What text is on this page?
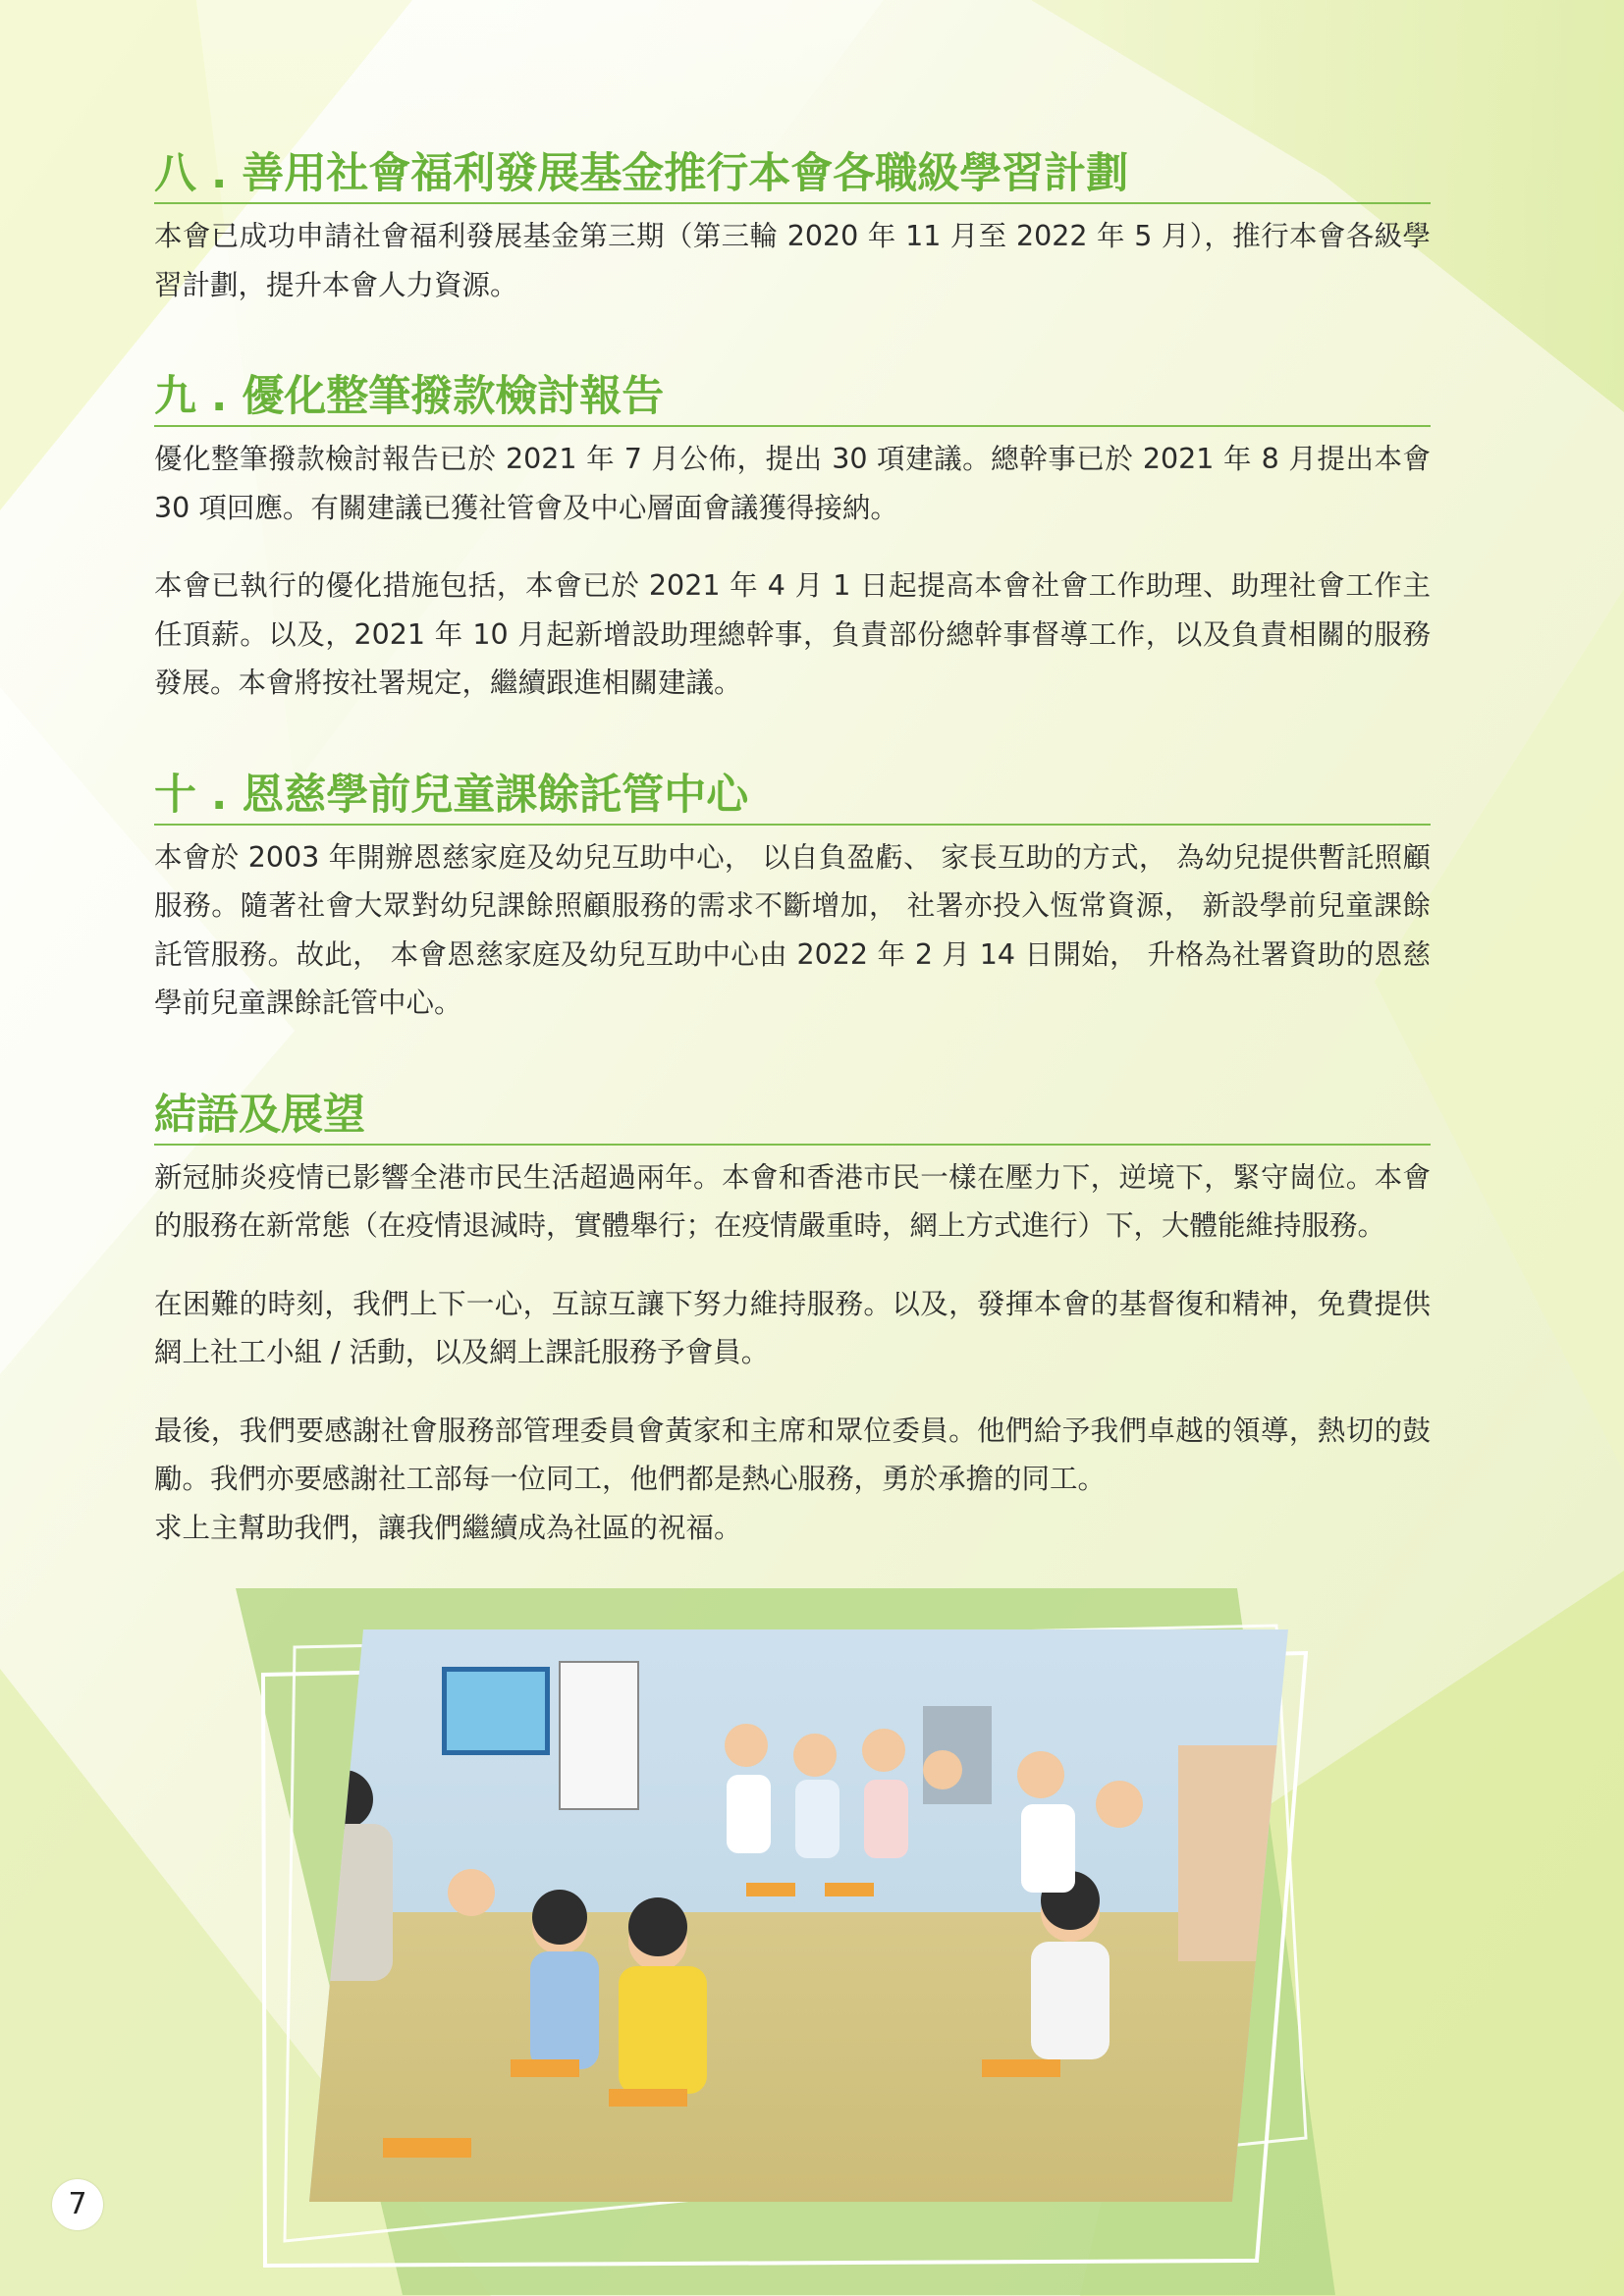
八 . 善用社會福利發展基金推行本會各職級學習計劃

本會已成功申請社會福利發展基金第三期（第三輪 2020 年 11 月至 2022 年 5 月），推行本會各級學習計劃，提升本會人力資源。

九 . 優化整筆撥款檢討報告

優化整筆撥款檢討報告已於 2021 年 7 月公佈，提出 30 項建議。總幹事已於 2021 年 8 月提出本會 30 項回應。有關建議已獲社管會及中心層面會議獲得接納。

本會已執行的優化措施包括，本會已於 2021 年 4 月 1 日起提高本會社會工作助理、助理社會工作主任頂薪。以及，2021 年 10 月起新增設助理總幹事，負責部份總幹事督導工作，以及負責相關的服務發展。本會將按社署規定，繼續跟進相關建議。

十 . 恩慈學前兒童課餘託管中心

本會於 2003 年開辦恩慈家庭及幼兒互助中心， 以自負盈虧、 家長互助的方式， 為幼兒提供暫託照顧服務。隨著社會大眾對幼兒課餘照顧服務的需求不斷增加， 社署亦投入恆常資源， 新設學前兒童課餘託管服務。故此， 本會恩慈家庭及幼兒互助中心由 2022 年 2 月 14 日開始， 升格為社署資助的恩慈學前兒童課餘託管中心。

結語及展望

新冠肺炎疫情已影響全港市民生活超過兩年。本會和香港市民一樣在壓力下，逆境下，緊守崗位。本會的服務在新常態（在疫情退減時，實體舉行；在疫情嚴重時，網上方式進行）下，大體能維持服務。

在困難的時刻，我們上下一心，互諒互讓下努力維持服務。以及，發揮本會的基督復和精神，免費提供網上社工小組 / 活動，以及網上課託服務予會員。

最後，我們要感謝社會服務部管理委員會黃家和主席和眾位委員。他們給予我們卓越的領導，熱切的鼓勵。我們亦要感謝社工部每一位同工，他們都是熱心服務，勇於承擔的同工。
求上主幫助我們，讓我們繼續成為社區的祝福。

7
